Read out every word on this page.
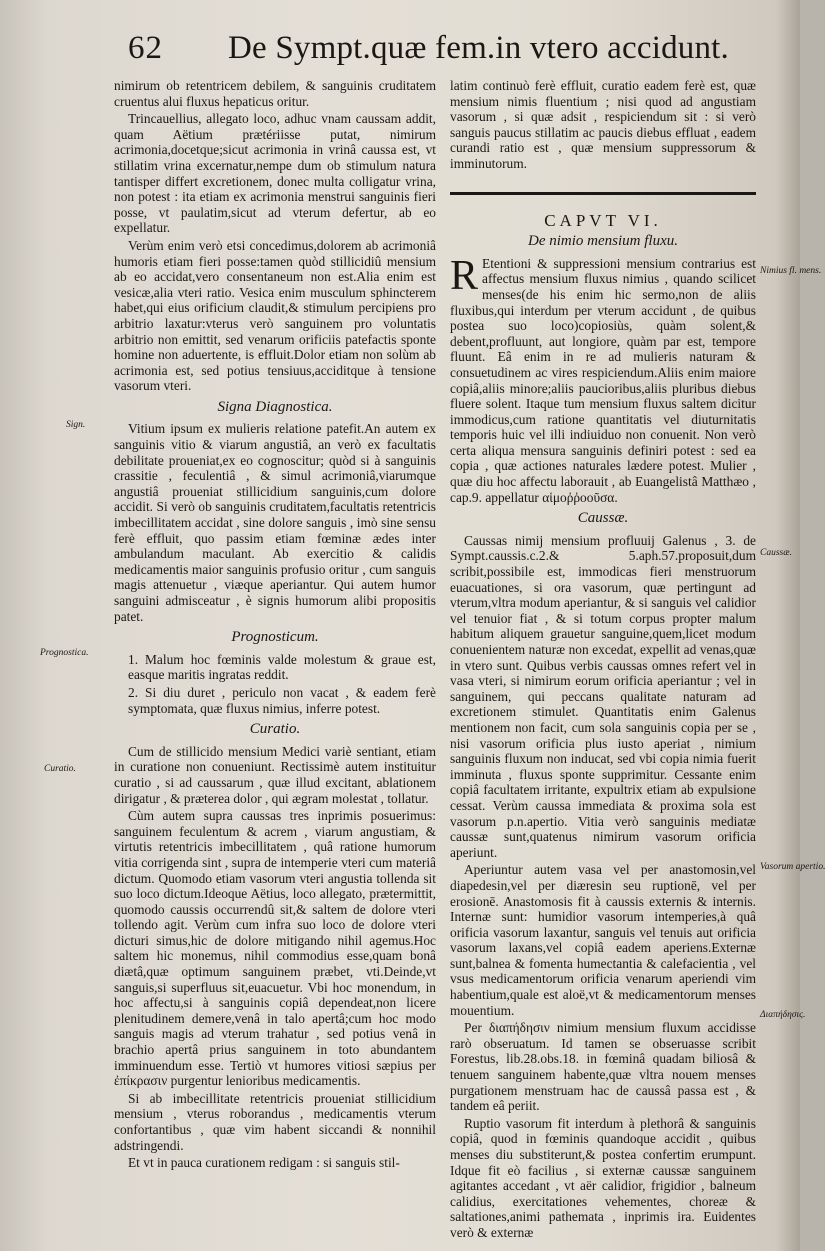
62 De Sympt.quæ fem.in vtero accidunt.

nimirum ob retentricem debilem, & sanguinis cruditatem cruentus alui fluxus hepaticus oritur.

Trincauellius, allegato loco, adhuc vnam caussam addit, quam Aëtium prætériisse putat, nimirum acrimonia,docetque;sicut acrimonia in vrinâ caussa est, vt stillatim vrina excernatur,nempe dum ob stimulum natura tantisper differt excretionem, donec multa colligatur vrina, non potest : ita etiam ex acrimonia menstrui sanguinis fieri posse, vt paulatim,sicut ad vterum defertur, ab eo expellatur.

Verùm enim verò etsi concedimus,dolorem ab acrimoniâ humoris etiam fieri posse:tamen quòd stillicidiû mensium ab eo accidat,vero consentaneum non est.Alia enim est vesicæ,alia vteri ratio. Vesica enim musculum sphincterem habet,qui eius orificium claudit,& stimulum percipiens pro arbitrio laxatur:vterus verò sanguinem pro voluntatis arbitrio non emittit, sed venarum orificiis patefactis sponte homine non aduertente, is effluit.Dolor etiam non solùm ab acrimonia est, sed potius tensiuus,acciditque à tensione vasorum vteri.

Signa Diagnostica.

Vitium ipsum ex mulieris relatione patefit.An autem ex sanguinis vitio & viarum angustiâ, an verò ex facultatis debilitate proueniat,ex eo cognoscitur; quòd si à sanguinis crassitie , feculentiâ , & simul acrimoniâ,viarumque angustiâ proueniat stillicidium sanguinis,cum dolore accidit. Si verò ob sanguinis cruditatem,facultatis retentricis imbecillitatem accidat , sine dolore sanguis , imò sine sensu ferè effluit, quo passim etiam fœminæ ædes inter ambulandum maculant. Ab exercitio & calidis medicamentis maior sanguinis profusio oritur , cum sanguis magis attenuetur , viæque aperiantur. Qui autem humor sanguini admisceatur , è signis humorum alibi propositis patet.

Prognosticum.

1. Malum hoc fœminis valde molestum & graue est, easque maritis ingratas reddit.

2. Si diu duret , periculo non vacat , & eadem ferè symptomata, quæ fluxus nimius, inferre potest.

Curatio.

Cum de stillicido mensium Medici variè sentiant, etiam in curatione non conueniunt. Rectissimè autem instituitur curatio , si ad caussarum , quæ illud excitant, ablationem dirigatur , & præterea dolor , qui ægram molestat , tollatur.

Cùm autem supra caussas tres inprimis posuerimus: sanguinem feculentum & acrem , viarum angustiam, & virtutis retentricis imbecillitatem , quâ ratione humorum vitia corrigenda sint , supra de intemperie vteri cum materiâ dictum. Quomodo etiam vasorum vteri angustia tollenda sit suo loco dictum.Ideoque Aëtius, loco allegato, prætermittit, quomodo caussis occurrendû sit,& saltem de dolore vteri tollendo agit. Verùm cum infra suo loco de dolore vteri dicturi simus,hic de dolore mitigando nihil agemus.Hoc saltem hic monemus, nihil commodius esse,quam bonâ diætâ,quæ optimum sanguinem præbet, vti.Deinde,vt sanguis,si superfluus sit,euacuetur. Vbi hoc monendum, in hoc affectu,si à sanguinis copiâ dependeat,non licere plenitudinem demere,venâ in talo apertâ;cum hoc modo sanguis magis ad vterum trahatur , sed potius venâ in brachio apertâ prius sanguinem in toto abundantem imminuendum esse. Tertiò vt humores vitiosi sæpius per ἐπίκρασιν purgentur lenioribus medicamentis.

Si ab imbecillitate retentricis proueniat stillicidium mensium , vterus roborandus , medicamentis vterum confortantibus , quæ vim habent siccandi & nonnihil adstringendi.

Et vt in pauca curationem redigam : si sanguis stil-

latim continuò ferè effluit, curatio eadem ferè est, quæ mensium nimis fluentium ; nisi quod ad angustiam vasorum , si quæ adsit , respiciendum sit : si verò sanguis paucus stillatim ac paucis diebus effluat , eadem curandi ratio est , quæ mensium suppressorum & imminutorum.

CAPVT VI.
De nimio mensium fluxu.

R Etentioni & suppressioni mensium contrarius est affectus mensium fluxus nimius , quando scilicet menses(de his enim hic sermo,non de aliis fluxibus,qui interdum per vterum accidunt , de quibus postea suo loco)copiosiùs, quàm solent,& debent,profluunt, aut longiore, quàm par est, tempore fluunt. Eâ enim in re ad mulieris naturam & consuetudinem ac vires respiciendum.Aliis enim maiore copiâ,aliis minore;aliis paucioribus,aliis pluribus diebus fluere solent. Itaque tum mensium fluxus saltem dicitur immodicus,cum ratione quantitatis vel diuturnitatis temporis huic vel illi indiuiduo non conuenit. Non verò certa aliqua mensura sanguinis definiri potest : sed ea copia , quæ actiones naturales lædere potest. Mulier , quæ diu hoc affectu laborauit , ab Euangelistâ Matthæo , cap.9. appellatur αἱμοῤῥοοῦσα.

Caussæ.

Caussas nimij mensium profluuij Galenus , 3. de Sympt.caussis.c.2.& 5.aph.57.proposuit,dum scribit,possibile est, immodicas fieri menstruorum euacuationes, si ora vasorum, quæ pertingunt ad vterum,vltra modum aperiantur, & si sanguis vel calidior vel tenuior fiat , & si totum corpus propter malum habitum aliquem grauetur sanguine,quem,licet modum conuenientem naturæ non excedat, expellit ad venas,quæ in vtero sunt. Quibus verbis caussas omnes refert vel in vasa vteri, si nimirum eorum orificia aperiantur ; vel in sanguinem, qui peccans qualitate naturam ad excretionem stimulet. Quantitatis enim Galenus mentionem non facit, cum sola sanguinis copia per se , nisi vasorum orificia plus iusto aperiat , nimium sanguinis fluxum non inducat, sed vbi copia nimia fuerit imminuta , fluxus sponte supprimitur. Cessante enim copiâ facultatem irritante, expultrix etiam ab expulsione cessat. Verùm caussa immediata & proxima sola est vasorum p.n.apertio. Vitia verò sanguinis mediatæ caussæ sunt,quatenus nimirum vasorum orificia aperiunt.

Aperiuntur autem vasa vel per anastomosin,vel diapedesin,vel per diæresin seu ruptionē, vel per erosionē. Anastomosis fit à caussis externis & internis. Internæ sunt: humidior vasorum intemperies,à quâ orificia vasorum laxantur, sanguis vel tenuis aut orificia vasorum laxans,vel copiâ eadem aperiens.Externæ sunt,balnea & fomenta humectantia & calefacientia , vel vsus medicamentorum orificia venarum aperiendi vim habentium,quale est aloë,vt & medicamentorum menses mouentium.

Per διαπήδησιν nimium mensium fluxum accidisse rarò obseruatum. Id tamen se obseruasse scribit Forestus, lib.28.obs.18. in fœminâ quadam biliosâ & tenuem sanguinem habente,quæ vltra nouem menses purgationem menstruam hac de caussâ passa est , & tandem eâ periit.

Ruptio vasorum fit interdum à plethorâ & sanguinis copiâ, quod in fœminis quandoque accidit , quibus menses diu substiterunt,& postea confertim erumpunt. Idque fit eò facilius , si externæ caussæ sanguinem agitantes accedant , vt aër calidior, frigidior , balneum calidius, exercitationes vehementes, choreæ & saltationes,animi pathemata , inprimis ira. Euidentes verò & externæ

Sign.
Prognostica.
Curatio.
Nimius fl. mens.
Caussæ.
Vasorum apertio.
Διαπήδησις.
